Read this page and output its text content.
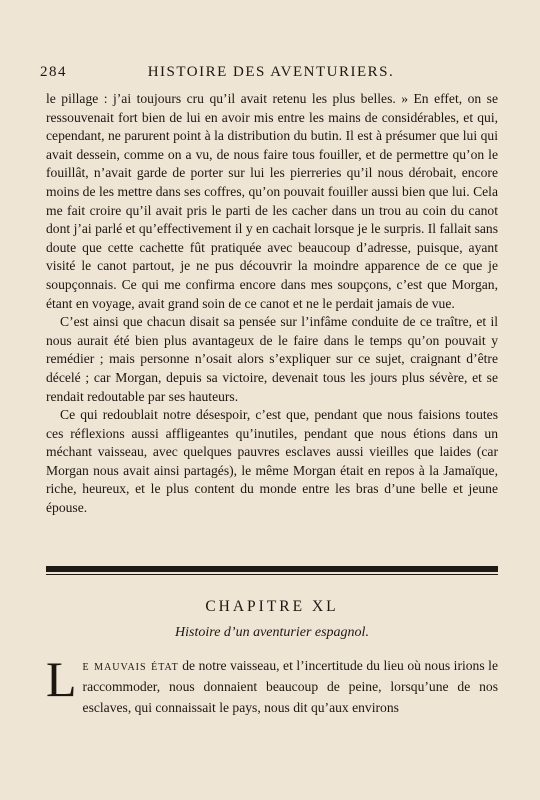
284	HISTOIRE DES AVENTURIERS.

le pillage : j’ai toujours cru qu’il avait retenu les plus belles. » En effet, on se ressouvenait fort bien de lui en avoir mis entre les mains de considérables, et qui, cependant, ne parurent point à la distribution du butin. Il est à présumer que lui qui avait dessein, comme on a vu, de nous faire tous fouiller, et de permettre qu’on le fouillât, n’avait garde de porter sur lui les pierreries qu’il nous dérobait, encore moins de les mettre dans ses coffres, qu’on pouvait fouiller aussi bien que lui. Cela me fait croire qu’il avait pris le parti de les cacher dans un trou au coin du canot dont j’ai parlé et qu’effectivement il y en cachait lorsque je le surpris. Il fallait sans doute que cette cachette fût pratiquée avec beaucoup d’adresse, puisque, ayant visité le canot partout, je ne pus découvrir la moindre apparence de ce que je soupçonnais. Ce qui me confirma encore dans mes soupçons, c’est que Morgan, étant en voyage, avait grand soin de ce canot et ne le perdait jamais de vue.

C’est ainsi que chacun disait sa pensée sur l’infâme conduite de ce traître, et il nous aurait été bien plus avantageux de le faire dans le temps qu’on pouvait y remédier ; mais personne n’osait alors s’expliquer sur ce sujet, craignant d’être décelé ; car Morgan, depuis sa victoire, devenait tous les jours plus sévère, et se rendait redoutable par ses hauteurs.

Ce qui redoublait notre désespoir, c’est que, pendant que nous faisions toutes ces réflexions aussi affligeantes qu’inutiles, pendant que nous étions dans un méchant vaisseau, avec quelques pauvres esclaves aussi vieilles que laides (car Morgan nous avait ainsi partagés), le même Morgan était en repos à la Jamaïque, riche, heureux, et le plus content du monde entre les bras d’une belle et jeune épouse.

CHAPITRE XL
Histoire d’un aventurier espagnol.
Le mauvais état de notre vaisseau, et l’incertitude du lieu où nous irions le raccommoder, nous donnaient beaucoup de peine, lorsqu’une de nos esclaves, qui connaissait le pays, nous dit qu’aux environs
